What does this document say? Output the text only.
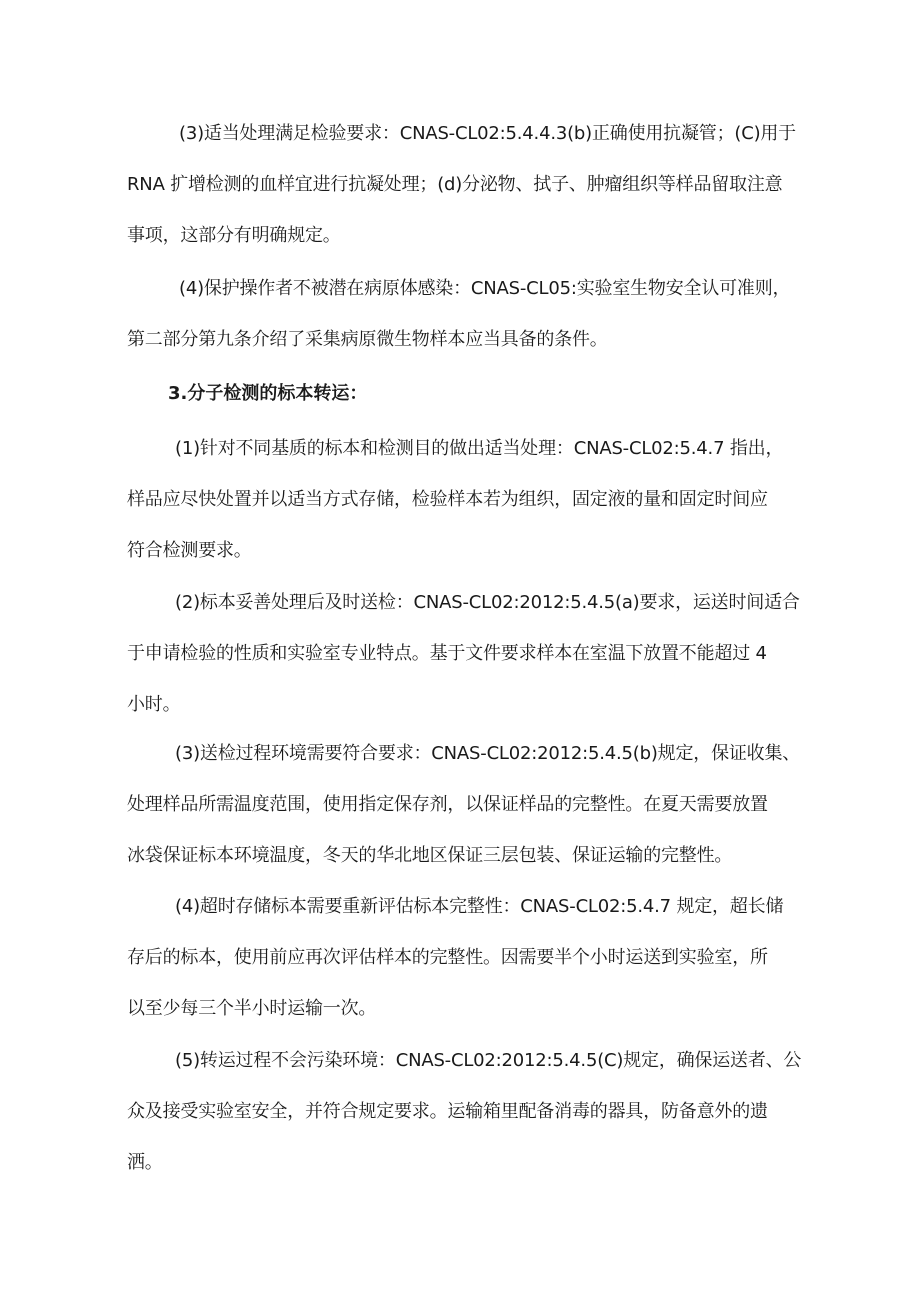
(3)适当处理满足检验要求：CNAS-CL02:5.4.4.3(b)正确使用抗凝管；(C)用于
RNA 扩增检测的血样宜进行抗凝处理；(d)分泌物、拭子、肿瘤组织等样品留取注意
事项，这部分有明确规定。
(4)保护操作者不被潜在病原体感染：CNAS-CL05:实验室生物安全认可准则，
第二部分第九条介绍了采集病原微生物样本应当具备的条件。
3.分子检测的标本转运：
(1)针对不同基质的标本和检测目的做出适当处理：CNAS-CL02:5.4.7 指出，
样品应尽快处置并以适当方式存储，检验样本若为组织，固定液的量和固定时间应
符合检测要求。
(2)标本妥善处理后及时送检：CNAS-CL02:2012:5.4.5(a)要求，运送时间适合
于申请检验的性质和实验室专业特点。基于文件要求样本在室温下放置不能超过 4
小时。
(3)送检过程环境需要符合要求：CNAS-CL02:2012:5.4.5(b)规定，保证收集、
处理样品所需温度范围，使用指定保存剂，以保证样品的完整性。在夏天需要放置
冰袋保证标本环境温度，冬天的华北地区保证三层包装、保证运输的完整性。
(4)超时存储标本需要重新评估标本完整性：CNAS-CL02:5.4.7 规定，超长储
存后的标本，使用前应再次评估样本的完整性。因需要半个小时运送到实验室，所
以至少每三个半小时运输一次。
(5)转运过程不会污染环境：CNAS-CL02:2012:5.4.5(C)规定，确保运送者、公
众及接受实验室安全，并符合规定要求。运输箱里配备消毒的器具，防备意外的遗
洒。
